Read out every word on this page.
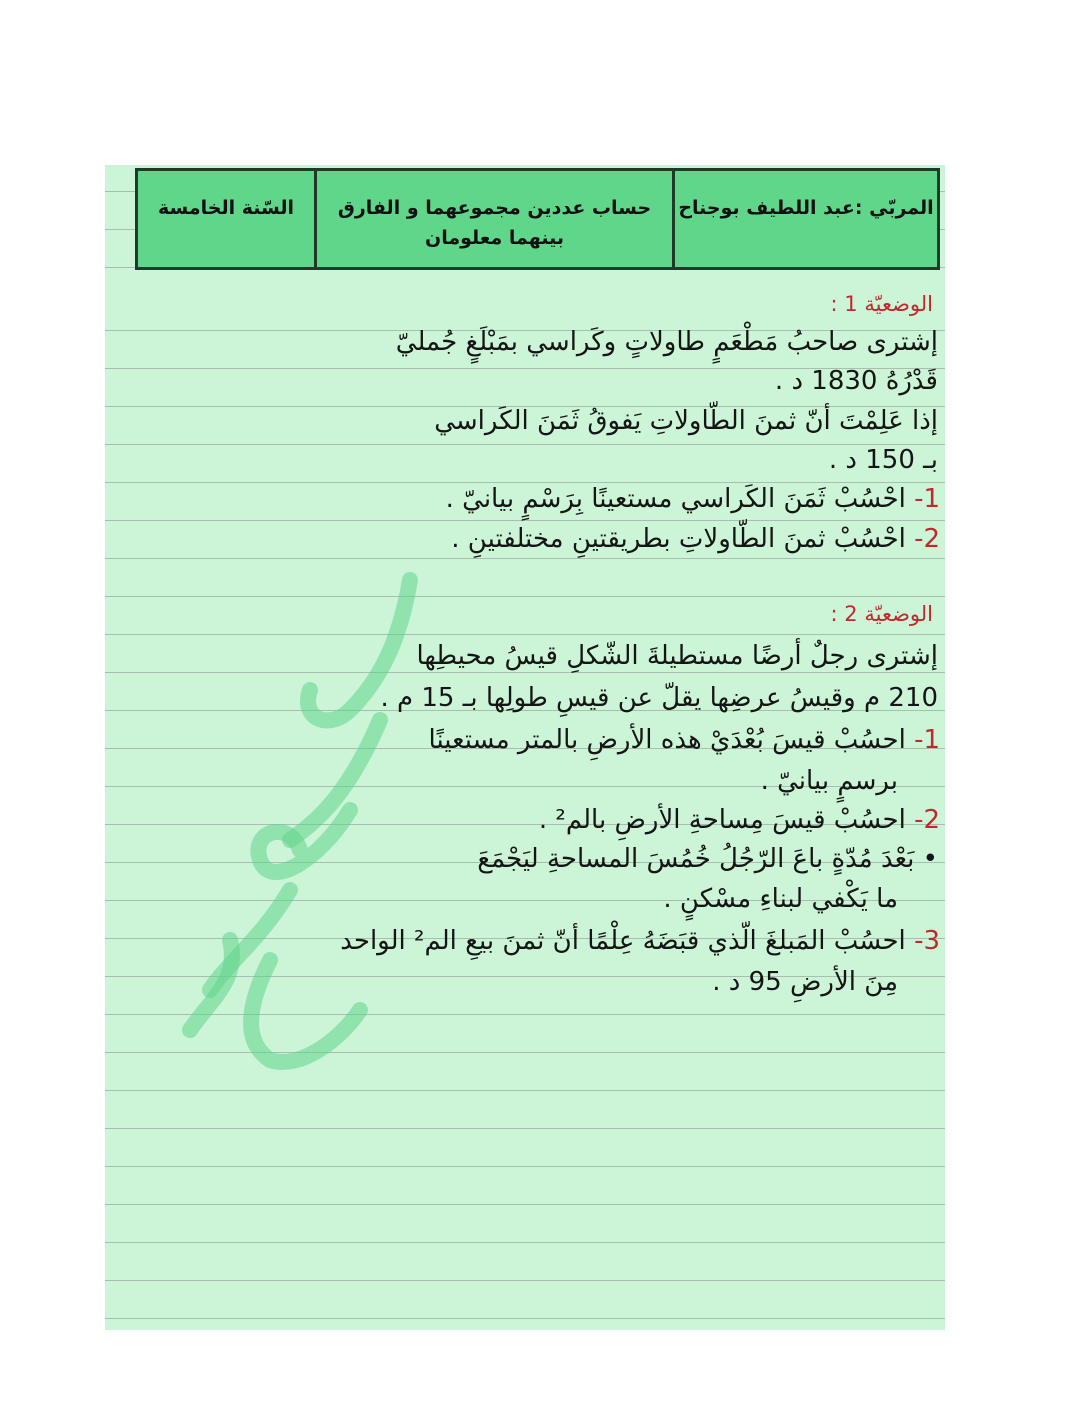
المربّي :عبد اللطيف بوجناح
حساب عددين مجموعهما و الفارق
بينهما معلومان
السّنة الخامسة
الوضعيّة 1 :
إشترى صاحبُ مَطْعَمٍ طاولاتٍ وكَراسي بمَبْلَغٍ جُمليّ
قَدْرُهُ 1830 د .
إذا عَلِمْتَ أنّ ثمنَ الطّاولاتِ يَفوقُ ثَمَنَ الكَراسي
بـ 150 د .
1- احْسُبْ ثَمَنَ الكَراسي مستعينًا بِرَسْمٍ بيانيّ .
2- احْسُبْ ثمنَ الطّاولاتِ بطريقتينِ مختلفتينِ .
الوضعيّة 2 :
إشترى رجلٌ أرضًا مستطيلةَ الشّكلِ قيسُ محيطِها
210 م وقيسُ عرضِها يقلّ عن قيسِ طولِها بـ 15 م .
1- احسُبْ قيسَ بُعْدَيْ هذه الأرضِ بالمتر مستعينًا
برسمٍ بيانيّ .
2- احسُبْ قيسَ مِساحةِ الأرضِ بالم² .
• بَعْدَ مُدّةٍ باعَ الرّجُلُ خُمُسَ المساحةِ ليَجْمَعَ
ما يَكْفي لبناءِ مسْكنٍ .
3- احسُبْ المَبلغَ الّذي قبَضَهُ عِلْمًا أنّ ثمنَ بيعِ الم² الواحد
مِنَ الأرضِ 95 د .
